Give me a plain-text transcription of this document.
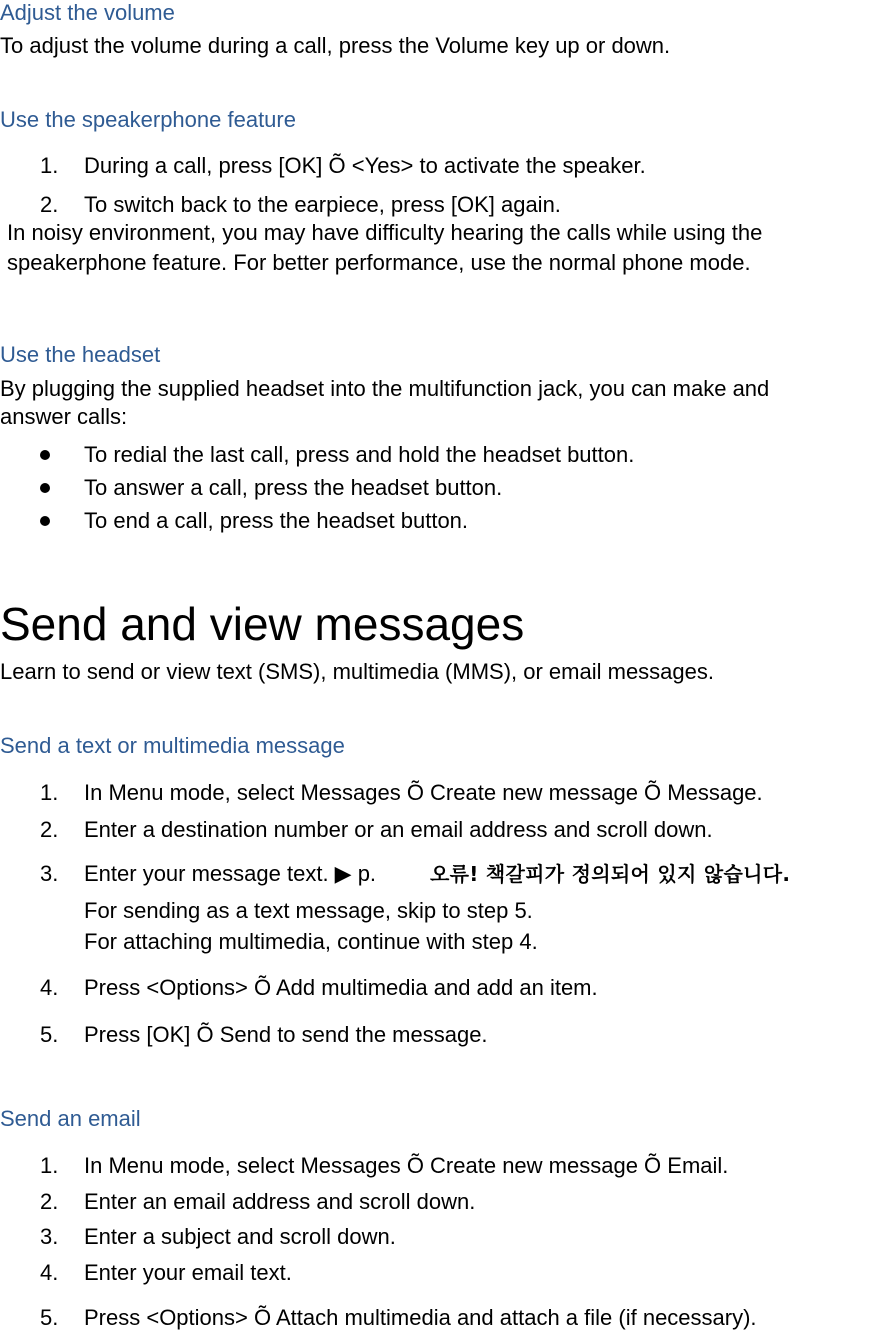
Adjust the volume
To adjust the volume during a call, press the Volume key up or down.
Use the speakerphone feature
1.	During a call, press [OK] Õ <Yes> to activate the speaker.
2.	To switch back to the earpiece, press [OK] again.
In noisy environment, you may have difficulty hearing the calls while using the
speakerphone feature. For better performance, use the normal phone mode.
Use the headset
By plugging the supplied headset into the multifunction jack, you can make and
answer calls:
To redial the last call, press and hold the headset button.
To answer a call, press the headset button.
To end a call, press the headset button.
Send and view messages
Learn to send or view text (SMS), multimedia (MMS), or email messages.
Send a text or multimedia message
1.	In Menu mode, select Messages Õ Create new message Õ Message.
2.	Enter a destination number or an email address and scroll down.
3.	Enter your message text. ▶ p.	오류! 책갈피가 정의되어 있지 않습니다.
For sending as a text message, skip to step 5.
For attaching multimedia, continue with step 4.
4.	Press <Options> Õ Add multimedia and add an item.
5.	Press [OK] Õ Send to send the message.
Send an email
1.	In Menu mode, select Messages Õ Create new message Õ Email.
2.	Enter an email address and scroll down.
3.	Enter a subject and scroll down.
4.	Enter your email text.
5.	Press <Options> Õ Attach multimedia and attach a file (if necessary).
